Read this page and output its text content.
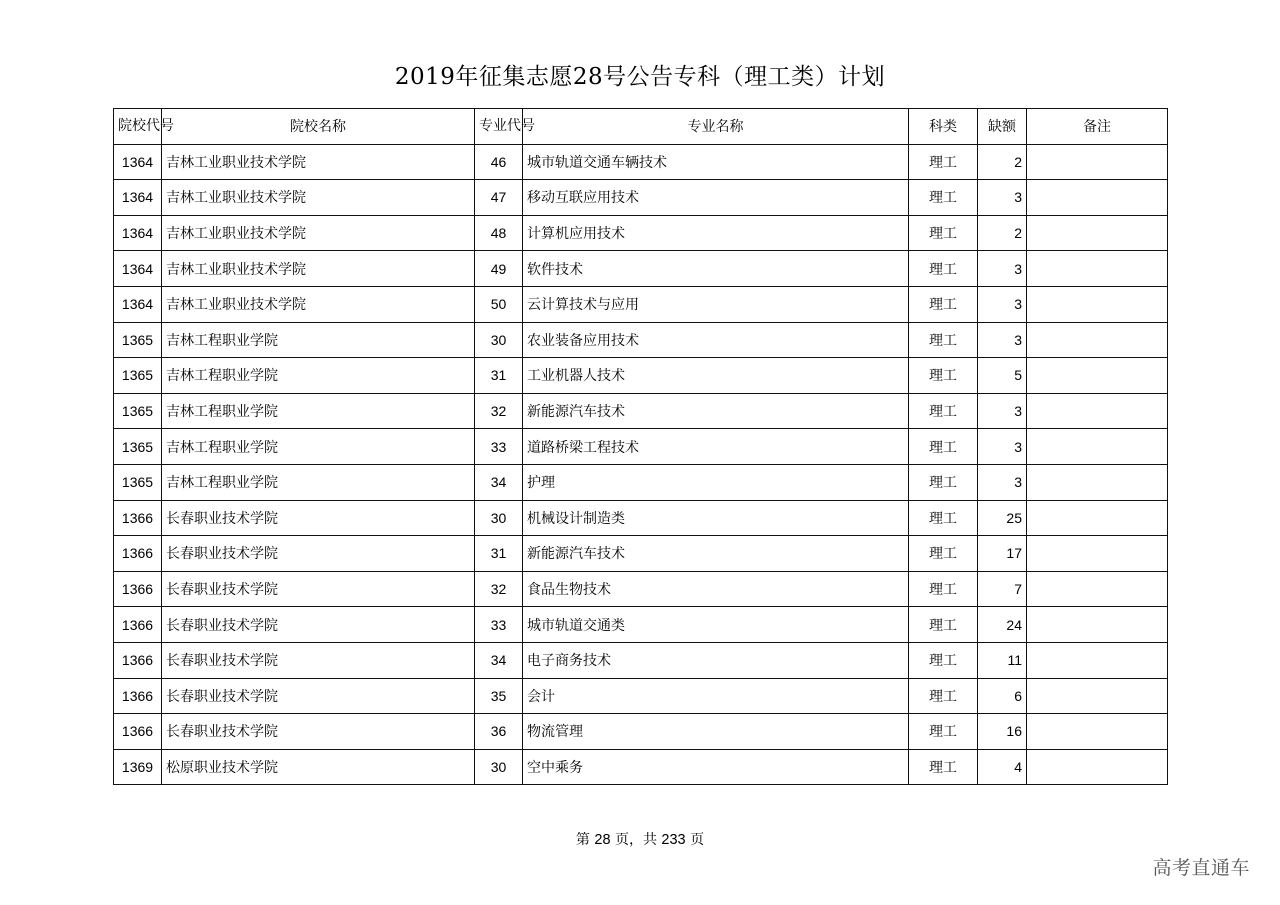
2019年征集志愿28号公告专科（理工类）计划
院校代号	院校名称	专业代号	专业名称	科类	缺额	备注
1364	吉林工业职业技术学院	46	城市轨道交通车辆技术	理工	2	
1364	吉林工业职业技术学院	47	移动互联应用技术	理工	3	
1364	吉林工业职业技术学院	48	计算机应用技术	理工	2	
1364	吉林工业职业技术学院	49	软件技术	理工	3	
1364	吉林工业职业技术学院	50	云计算技术与应用	理工	3	
1365	吉林工程职业学院	30	农业装备应用技术	理工	3	
1365	吉林工程职业学院	31	工业机器人技术	理工	5	
1365	吉林工程职业学院	32	新能源汽车技术	理工	3	
1365	吉林工程职业学院	33	道路桥梁工程技术	理工	3	
1365	吉林工程职业学院	34	护理	理工	3	
1366	长春职业技术学院	30	机械设计制造类	理工	25	
1366	长春职业技术学院	31	新能源汽车技术	理工	17	
1366	长春职业技术学院	32	食品生物技术	理工	7	
1366	长春职业技术学院	33	城市轨道交通类	理工	24	
1366	长春职业技术学院	34	电子商务技术	理工	11	
1366	长春职业技术学院	35	会计	理工	6	
1366	长春职业技术学院	36	物流管理	理工	16	
1369	松原职业技术学院	30	空中乘务	理工	4	
第 28 页，共 233 页
高考直通车
